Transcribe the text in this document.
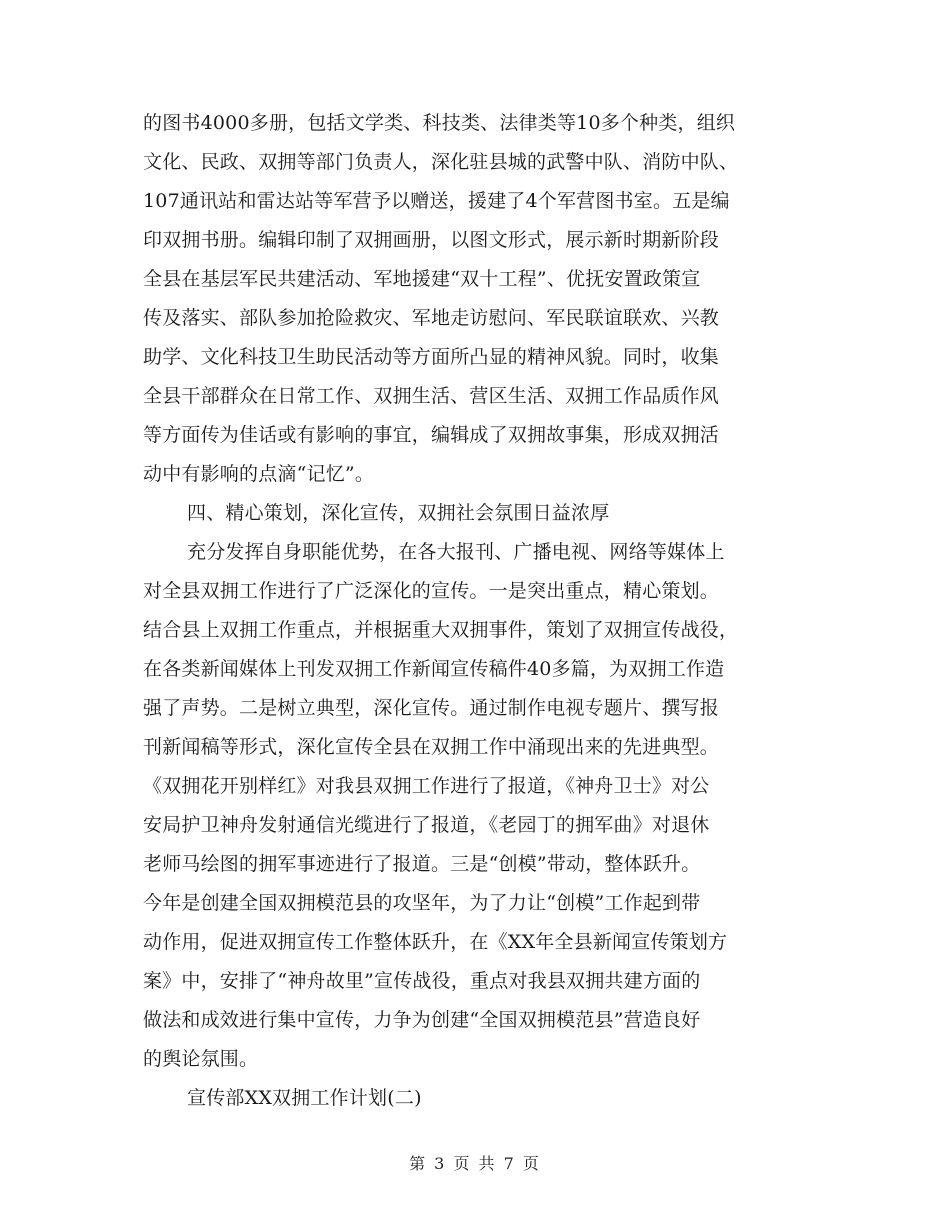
的图书4000多册，包括文学类、科技类、法律类等10多个种类，组织
文化、民政、双拥等部门负责人，深化驻县城的武警中队、消防中队、
107通讯站和雷达站等军营予以赠送，援建了4个军营图书室。五是编
印双拥书册。编辑印制了双拥画册，以图文形式，展示新时期新阶段
全县在基层军民共建活动、军地援建“双十工程”、优抚安置政策宣
传及落实、部队参加抢险救灾、军地走访慰问、军民联谊联欢、兴教
助学、文化科技卫生助民活动等方面所凸显的精神风貌。同时，收集
全县干部群众在日常工作、双拥生活、营区生活、双拥工作品质作风
等方面传为佳话或有影响的事宜，编辑成了双拥故事集，形成双拥活
动中有影响的点滴“记忆”。
四、精心策划，深化宣传，双拥社会氛围日益浓厚
充分发挥自身职能优势，在各大报刊、广播电视、网络等媒体上
对全县双拥工作进行了广泛深化的宣传。一是突出重点，精心策划。
结合县上双拥工作重点，并根据重大双拥事件，策划了双拥宣传战役，
在各类新闻媒体上刊发双拥工作新闻宣传稿件40多篇，为双拥工作造
强了声势。二是树立典型，深化宣传。通过制作电视专题片、撰写报
刊新闻稿等形式，深化宣传全县在双拥工作中涌现出来的先进典型。
《双拥花开别样红》对我县双拥工作进行了报道，《神舟卫士》对公
安局护卫神舟发射通信光缆进行了报道，《老园丁的拥军曲》对退休
老师马绘图的拥军事迹进行了报道。三是“创模”带动，整体跃升。
今年是创建全国双拥模范县的攻坚年，为了力让“创模”工作起到带
动作用，促进双拥宣传工作整体跃升，在《XX年全县新闻宣传策划方
案》中，安排了“神舟故里”宣传战役，重点对我县双拥共建方面的
做法和成效进行集中宣传，力争为创建“全国双拥模范县”营造良好
的舆论氛围。
宣传部XX双拥工作计划(二)
第 3 页 共 7 页
